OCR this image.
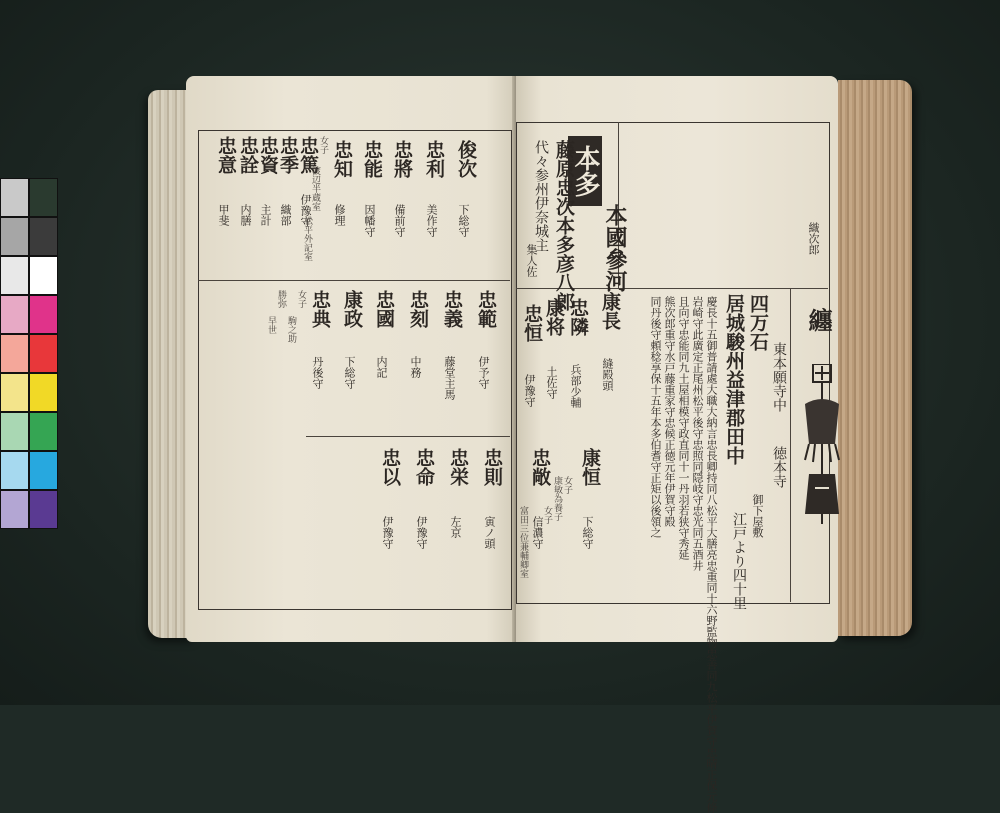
俊次
忠利
忠將
忠能
忠知
下総守
美作守
備前守
因幡守
修理
忠篤
忠季
忠資
忠詮
忠意
伊豫守
織部
主計
内膳
甲斐
女子
渡辺半蔵室
松平外記室
忠範
忠義
忠刻
忠國
康政
忠典
伊予守
藤堂主馬
中務
内記
下総守
丹後守
忠則
忠栄
忠命
忠以
寅ノ頭
左京
伊豫守
伊豫守
女子
駒之助
勝弥
早世
本多
本國參河
代々参州伊奈城主 藤原忠次本多彦八郎
集人佐
織次郎
康長
忠隣
康将
忠恒
康恒
忠敞
縫殿頭
兵部少輔
土佐守
伊豫守
下総守
信濃守
女子
康敏為養子
女子
富田三位兼輔卿室	慶長十五御普請處大職大納言忠長卿持同八松平大膳亮忠重同十六野監物忠善同九松平伊賀守忠晴正保元條
岩崎守此廣定正尾州松平後守忠照同隠岐守忠光同五酒井
且向守忠能同九土屋相模守政直同十一丹羽若狭守秀延
熊次郎重守水戸藤重家守忠候正徳元年伊賀守殿
同丹後守頼稔享保十五年本多伯耆守正矩以後領之	四万石
居城駿州益津郡田中 東本願寺中
徳本寺
御下屋敷
江戸より四十里
纏
